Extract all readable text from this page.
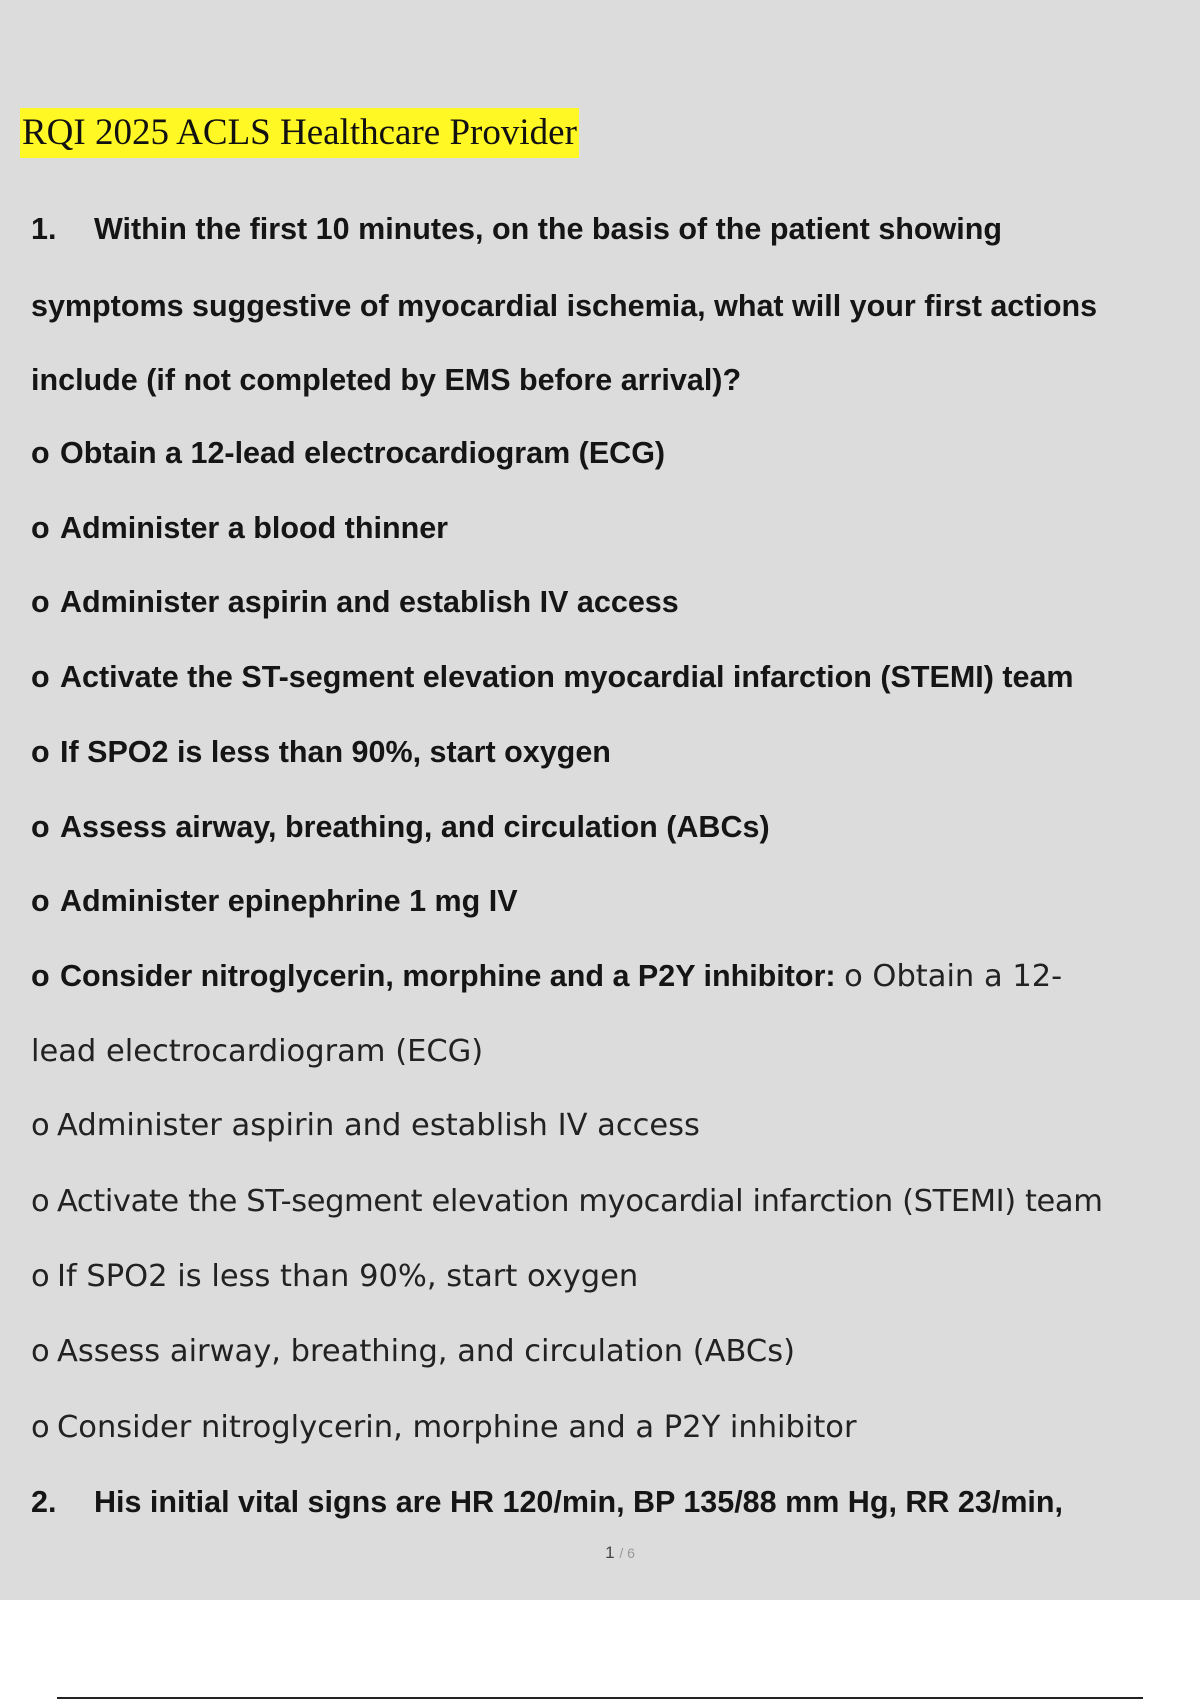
RQI 2025 ACLS Healthcare Provider
1. Within the first 10 minutes, on the basis of the patient showing
symptoms suggestive of myocardial ischemia, what will your first actions
include (if not completed by EMS before arrival)?
o Obtain a 12-lead electrocardiogram (ECG)
o Administer a blood thinner
o Administer aspirin and establish IV access
o Activate the ST-segment elevation myocardial infarction (STEMI) team
o If SPO2 is less than 90%, start oxygen
o Assess airway, breathing, and circulation (ABCs)
o Administer epinephrine 1 mg IV
o Consider nitroglycerin, morphine and a P2Y inhibitor: o Obtain a 12-
lead electrocardiogram (ECG)
o Administer aspirin and establish IV access
o Activate the ST-segment elevation myocardial infarction (STEMI) team
o If SPO2 is less than 90%, start oxygen
o Assess airway, breathing, and circulation (ABCs)
o Consider nitroglycerin, morphine and a P2Y inhibitor
2. His initial vital signs are HR 120/min, BP 135/88 mm Hg, RR 23/min,
1 / 6
